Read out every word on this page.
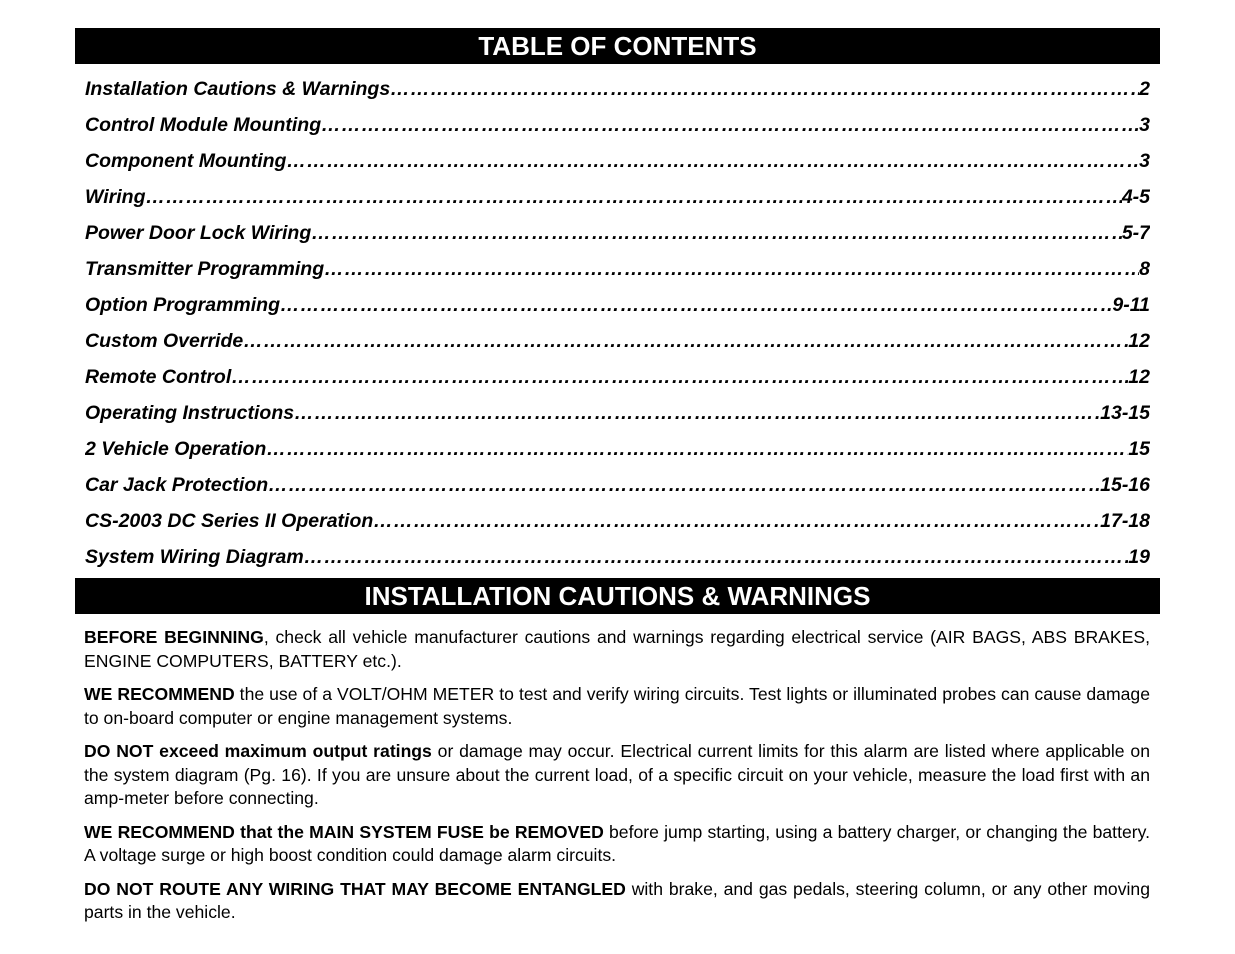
TABLE OF CONTENTS
Installation Cautions & Warnings ………………………………………………………………………………………………………………………………………………………………………………………	2
Control Module Mounting ………………………………………………………………………………………………………………………………………………………………………………………	3
Component Mounting ………………………………………………………………………………………………………………………………………………………………………………………	3
Wiring ………………………………………………………………………………………………………………………………………………………………………………………	4-5
Power Door Lock Wiring ………………………………………………………………………………………………………………………………………………………………………………………	5-7
Transmitter Programming ………………………………………………………………………………………………………………………………………………………………………………………	8
Option Programming ………………………………………………………………………………………………………………………………………………………………………………………	9-11
Custom Override ………………………………………………………………………………………………………………………………………………………………………………………	12
Remote Control ………………………………………………………………………………………………………………………………………………………………………………………	12
Operating Instructions ………………………………………………………………………………………………………………………………………………………………………………………	13-15
2 Vehicle Operation ………………………………………………………………………………………………………………………………………………………………………………………	15
Car Jack Protection ………………………………………………………………………………………………………………………………………………………………………………………	15-16
CS-2003 DC Series II Operation ………………………………………………………………………………………………………………………………………………………………………………………	17-18
System Wiring Diagram ………………………………………………………………………………………………………………………………………………………………………………………	19
INSTALLATION CAUTIONS & WARNINGS

BEFORE BEGINNING, check all vehicle manufacturer cautions and warnings regarding electrical service (AIR BAGS, ABS BRAKES, ENGINE COMPUTERS, BATTERY etc.).

WE RECOMMEND the use of a VOLT/OHM METER to test and verify wiring circuits. Test lights or illuminated probes can cause damage to on-board computer or engine management systems.

DO NOT exceed maximum output ratings or damage may occur. Electrical current limits for this alarm are listed where applicable on the system diagram (Pg. 16). If you are unsure about the current load, of a specific circuit on your vehicle, measure the load first with an amp-meter before connecting.

WE RECOMMEND that the MAIN SYSTEM FUSE be REMOVED before jump starting, using a battery charger, or changing the battery. A voltage surge or high boost condition could damage alarm circuits.

DO NOT ROUTE ANY WIRING THAT MAY BECOME ENTANGLED with brake, and gas pedals, steering column, or any other moving parts in the vehicle.
